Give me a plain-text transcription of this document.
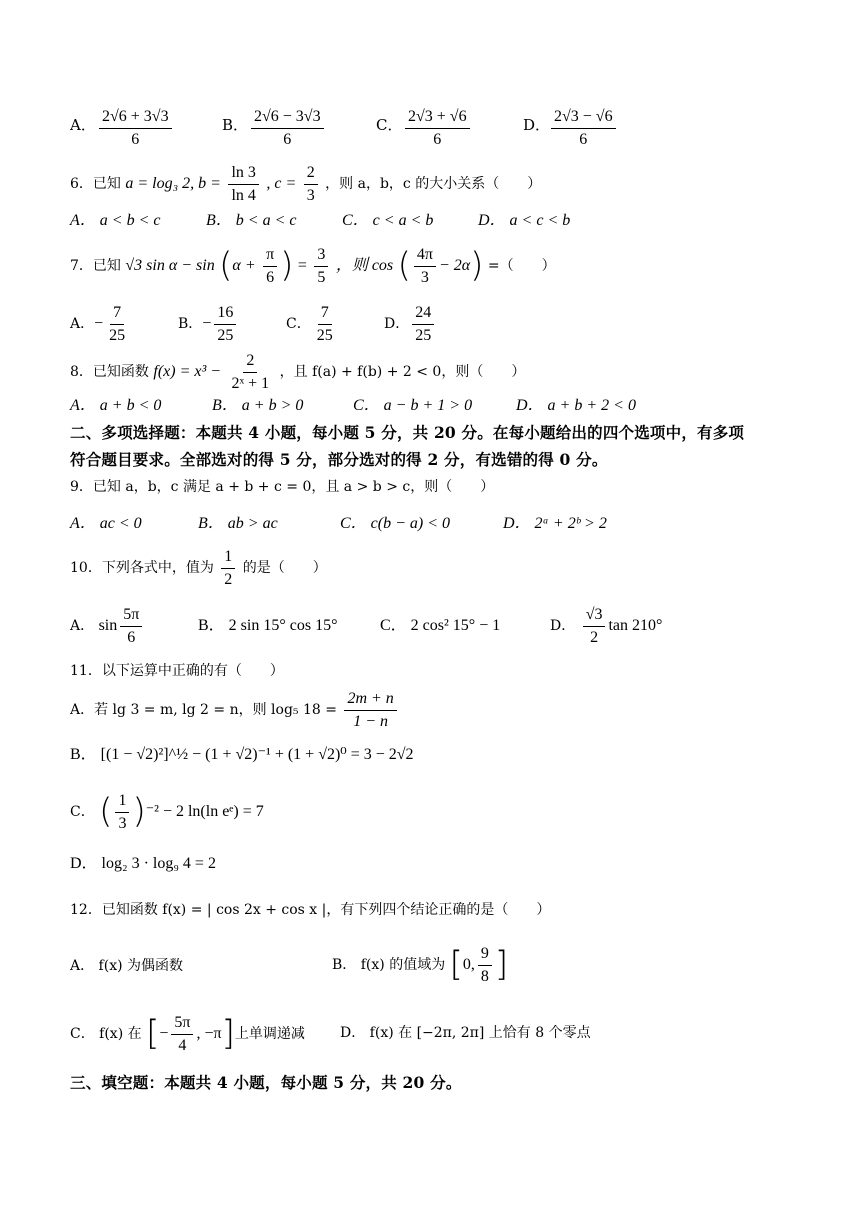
A． $\frac{2√6 + 3√3}{6}$	B． $\frac{2√6 - 3√3}{6}$	C． $\frac{2√3 + √6}{6}$	D． $\frac{2√3 - √6}{6}$
6．已知 a = log₃ 2, $b = \frac{\ln 3}{\ln 4}$ , $c = \frac{2}{3}$ ，则 a，b，c 的大小关系（　　）
A． a < b < c	B． b < a < c	C． c < a < b	D． a < c < b
7．已知 √3 $\sin \alpha - \sin (\alpha + \frac{\pi}{6}$ ) = $\frac{3}{5}$ ，则 cos ( $\frac{4\pi}{3} - 2\alpha$) =（　　）
A．− $\frac{7}{25}$	B．− $\frac{16}{25}$	C． $\frac{7}{25}$	D． $\frac{24}{25}$
8．已知函数 $f(x) = x^3 - \frac{2}{\text{2ˣ + 1}}$ ，且 f(a) + f(b) + 2 < 0，则（　　）
A． a + b < 0	B． a + b > 0	C． a − b + 1 > 0	D． a + b + 2 < 0
二、多项选择题：本题共 4 小题，每小题 5 分，共 20 分。在每小题给出的四个选项中，有多项
符合题目要求。全部选对的得 5 分，部分选对的得 2 分，有选错的得 0 分。
9．已知 a，b，c 满足 a + b + c = 0，且 a > b > c，则（　　）
A． ac < 0	B． ab > ac	C． c(b − a) < 0	D． 2ᵃ + 2ᵇ > 2
10．下列各式中，值为 $\frac{1}{2}$ 的是（　　）
A． $\sin \frac{5\pi}{6}$	B． 2 sin 15° cos 15°	C． 2 cos² 15° − 1	D． $\frac{√3}{2}$ tan 210°
11．以下运算中正确的有（　　）
A．若 lg 3 = m, lg 2 = n，则 log₅ $18 = \frac{2m + n}{1 - n}$
B． [(1 − √2)²]^½ − (1 + √2)⁻¹ + (1 + √2)⁰ = 3 − 2√2
C． ( $\frac{1}{3} )^{-2} - 2$ ln(ln eᵉ) = 7
D． log₂ 3 · log₉ 4 = 2
12．已知函数 f(x) = | cos 2x + cos x |，有下列四个结论正确的是（　　）
A． f(x) 为偶函数	B． f(x) 的值域为 [0, $\frac{9}{8}$ ]
C． f(x) 在 [− $\frac{5\pi}{4}$ , −π]上单调递减	D． f(x) 在 [−2π, 2π] 上恰有 8 个零点
三、填空题：本题共 4 小题，每小题 5 分，共 20 分。
